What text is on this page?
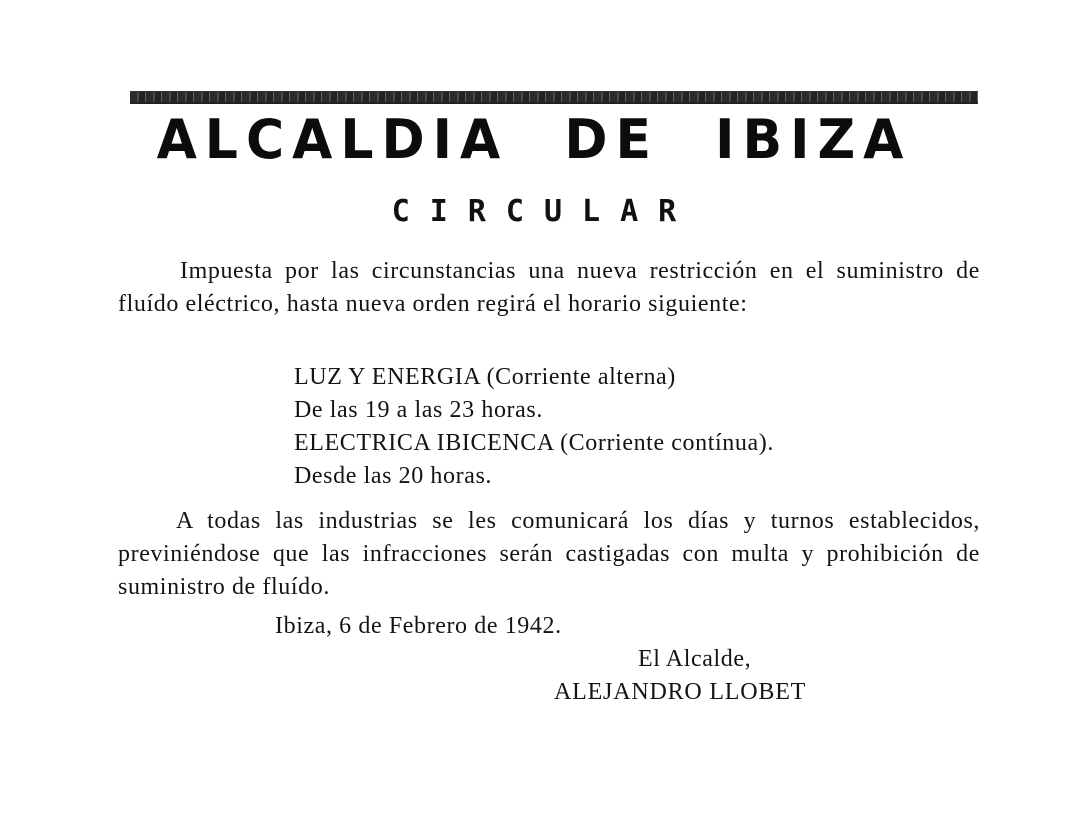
ALCALDIA DE IBIZA
CIRCULAR

Impuesta por las circunstancias una nueva restricción en el suministro de fluído eléctrico, hasta nueva orden regirá el horario siguiente:

LUZ Y ENERGIA (Corriente alterna)
De las 19 a las 23 horas.
ELECTRICA IBICENCA (Corriente contínua).
Desde las 20 horas.

A todas las industrias se les comunicará los días y turnos establecidos, previniéndose que las infracciones serán castigadas con multa y prohibición de suministro de fluído.

Ibiza, 6 de Febrero de 1942.

El Alcalde,

ALEJANDRO LLOBET
